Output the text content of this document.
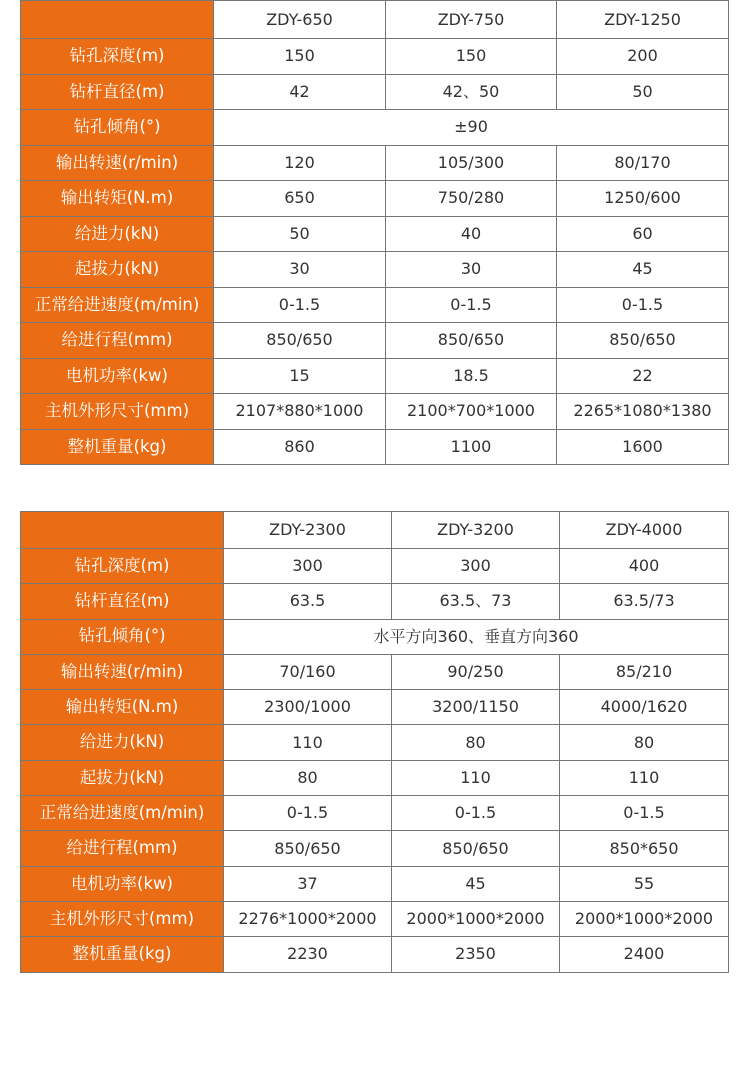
	ZDY-650	ZDY-750	ZDY-1250
钻孔深度(m)	150	150	200
钻杆直径(m)	42	42、50	50
钻孔倾角(°)	±90		
输出转速(r/min)	120	105/300	80/170
输出转矩(N.m)	650	750/280	1250/600
给进力(kN)	50	40	60
起拔力(kN)	30	30	45
正常给进速度(m/min)	0-1.5	0-1.5	0-1.5
给进行程(mm)	850/650	850/650	850/650
电机功率(kw)	15	18.5	22
主机外形尺寸(mm)	2107*880*1000	2100*700*1000	2265*1080*1380
整机重量(kg)	860	1100	1600
	ZDY-2300	ZDY-3200	ZDY-4000
钻孔深度(m)	300	300	400
钻杆直径(m)	63.5	63.5、73	63.5/73
钻孔倾角(°)	水平方向360、垂直方向360		
输出转速(r/min)	70/160	90/250	85/210
输出转矩(N.m)	2300/1000	3200/1150	4000/1620
给进力(kN)	110	80	80
起拔力(kN)	80	110	110
正常给进速度(m/min)	0-1.5	0-1.5	0-1.5
给进行程(mm)	850/650	850/650	850*650
电机功率(kw)	37	45	55
主机外形尺寸(mm)	2276*1000*2000	2000*1000*2000	2000*1000*2000
整机重量(kg)	2230	2350	2400
